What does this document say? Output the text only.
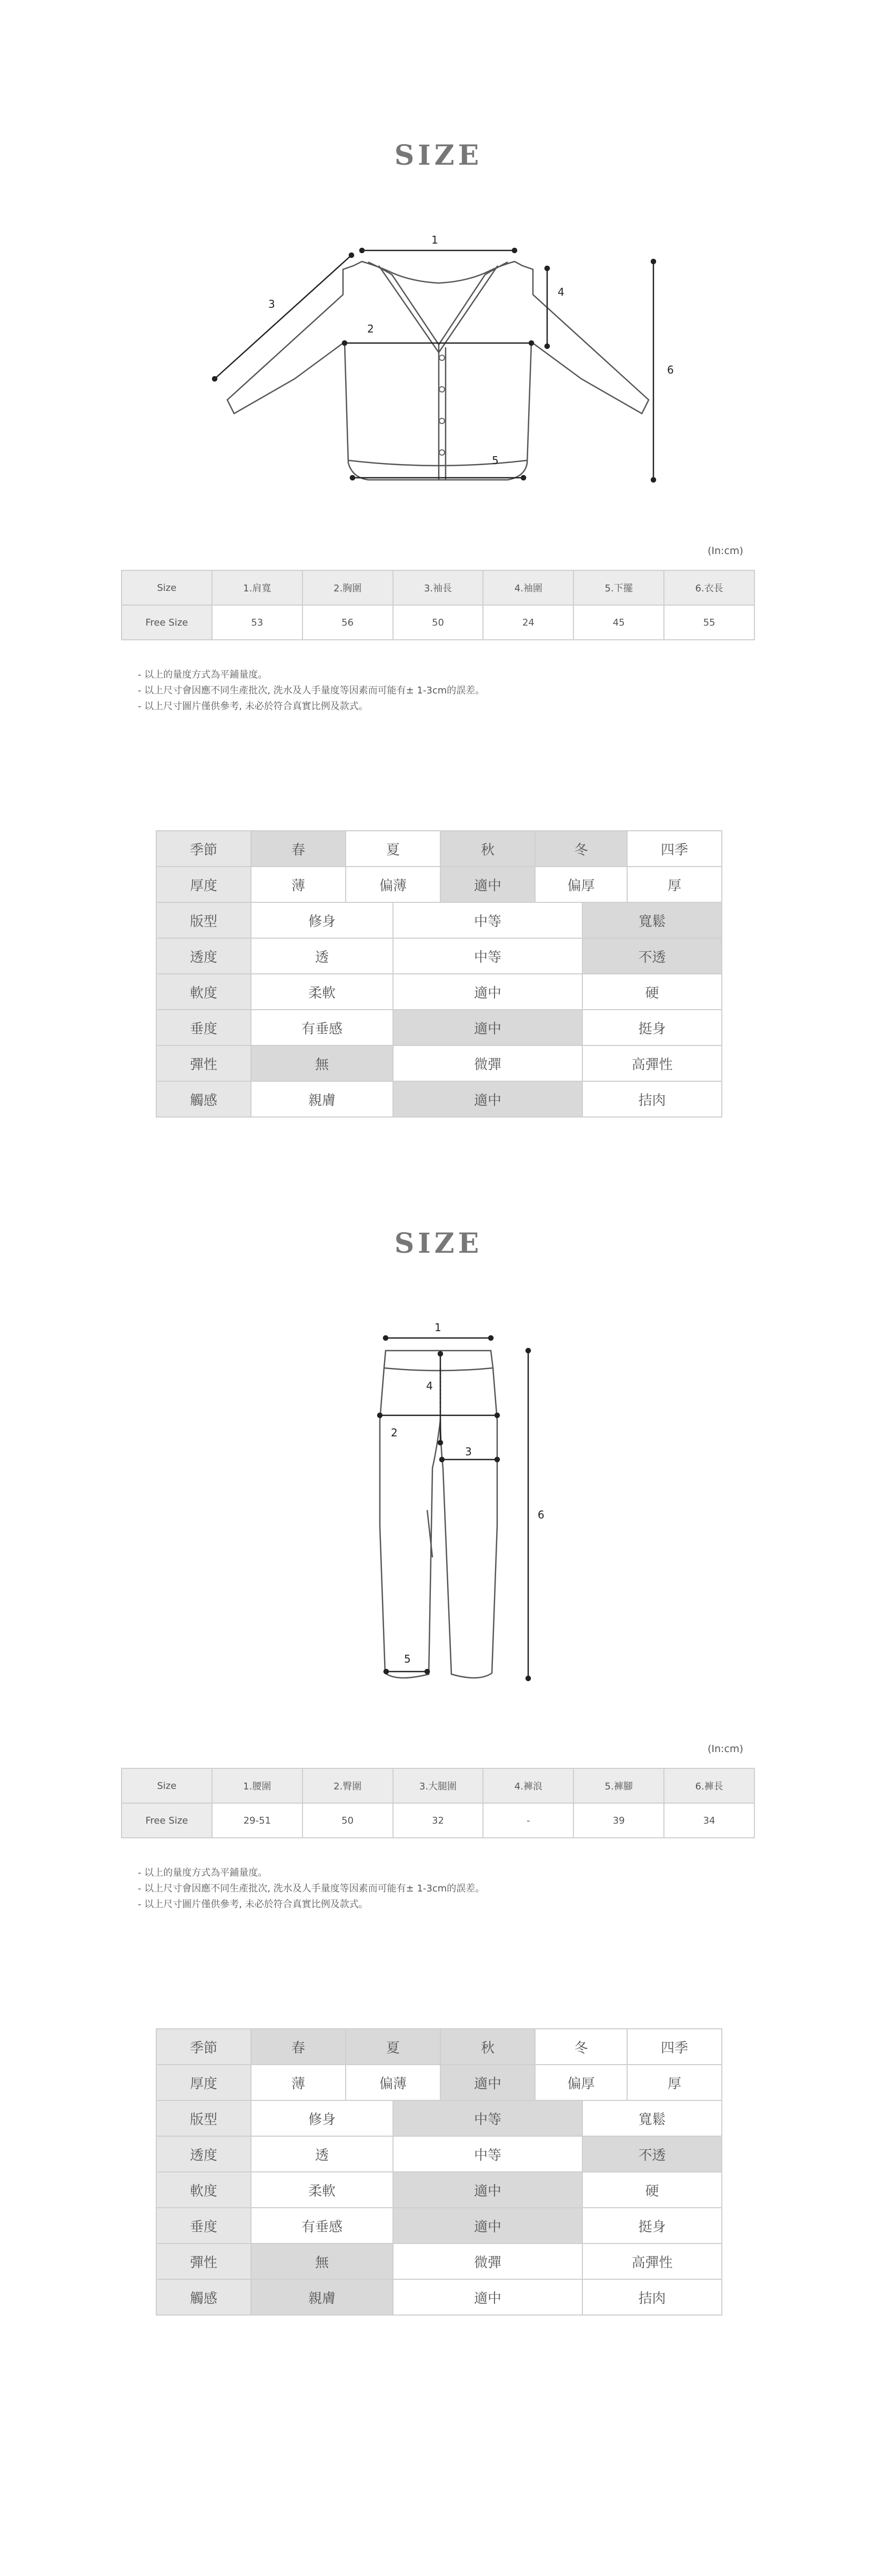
SIZE
1
2
3
4
5
6
(In:cm)
Size	1.肩寬	2.胸圍	3.袖長	4.袖圍	5.下擺	6.衣長
Free Size	53	56	50	24	45	55
- 以上的量度方式為平鋪量度。
- 以上尺寸會因應不同生產批次, 洗水及人手量度等因素而可能有± 1-3cm的誤差。
- 以上尺寸圖片僅供參考, 未必於符合真實比例及款式。
季節	春	夏		秋	冬		四季
厚度	薄	偏薄		適中	偏厚		厚
版型	修身		中等			寬鬆	
透度	透		中等			不透	
軟度	柔軟		適中			硬	
垂度	有垂感		適中			挺身	
彈性	無		微彈			高彈性	
觸感	親膚		適中			拮肉	
SIZE
1
2
3
4
5
6
(In:cm)
Size	1.腰圍	2.臀圍	3.大腿圍	4.褲浪	5.褲腳	6.褲長
Free Size	29-51	50	32	-	39	34
- 以上的量度方式為平鋪量度。
- 以上尺寸會因應不同生產批次, 洗水及人手量度等因素而可能有± 1-3cm的誤差。
- 以上尺寸圖片僅供參考, 未必於符合真實比例及款式。
季節	春	夏		秋	冬		四季
厚度	薄	偏薄		適中	偏厚		厚
版型	修身		中等			寬鬆	
透度	透		中等			不透	
軟度	柔軟		適中			硬	
垂度	有垂感		適中			挺身	
彈性	無		微彈			高彈性	
觸感	親膚		適中			拮肉	
